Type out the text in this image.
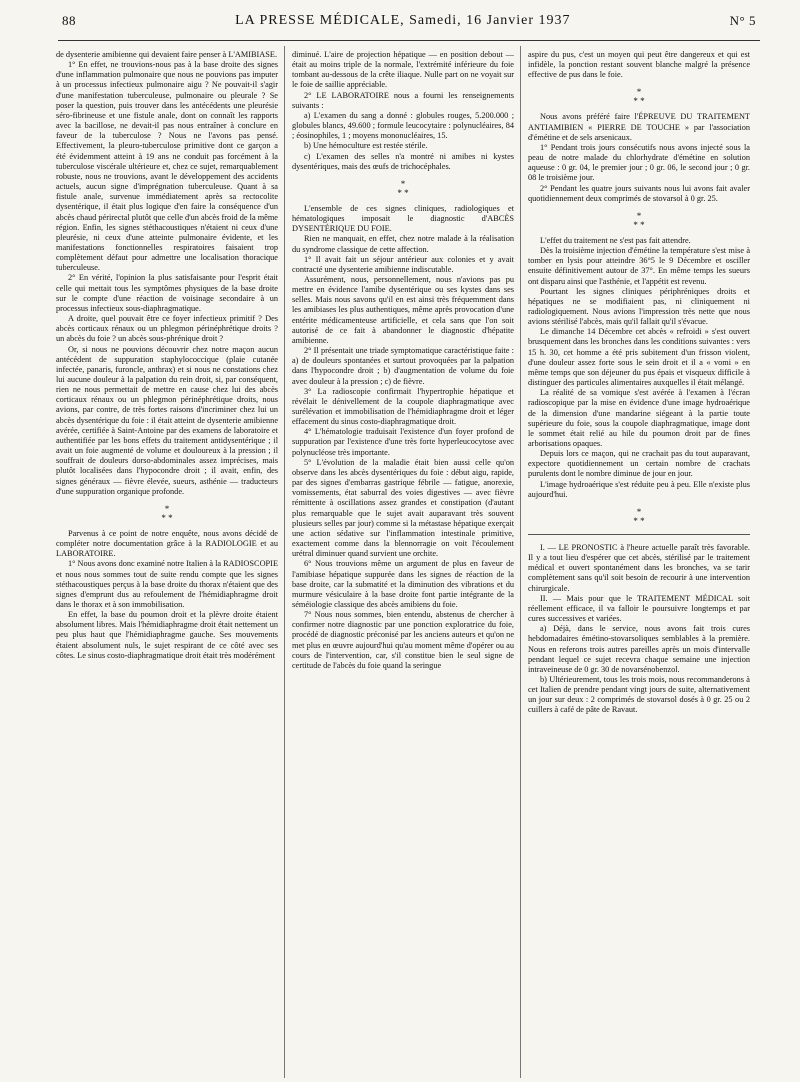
88	LA PRESSE MÉDICALE, Samedi, 16 Janvier 1937	N° 5

de dysenterie amibienne qui devaient faire penser à L'AMIBIASE.

1° En effet, ne trouvions-nous pas à la base droite des signes d'une inflammation pulmonaire que nous ne pouvions pas imputer à un processus infectieux pulmonaire aigu ? Ne pouvait-il s'agir d'une manifestation tuberculeuse, pulmonaire ou pleurale ? Se poser la question, puis trouver dans les antécédents une pleurésie séro-fibrineuse et une fistule anale, dont on connaît les rapports avec la bacillose, ne devait-il pas nous entraîner à conclure en faveur de la tuberculose ? Nous ne l'avons pas pensé. Effectivement, la pleuro-tuberculose primitive dont ce garçon a été évidemment atteint à 19 ans ne conduit pas forcément à la tuberculose viscérale ultérieure et, chez ce sujet, remarquablement robuste, nous ne trouvions, avant le développement des accidents actuels, aucun signe d'imprégnation tuberculeuse. Quant à sa fistule anale, survenue immédiatement après sa rectocolite dysentérique, il était plus logique d'en faire la conséquence d'un abcès chaud périrectal plutôt que celle d'un abcès froid de la même région. Enfin, les signes stéthacoustiques n'étaient ni ceux d'une pleurésie, ni ceux d'une atteinte pulmonaire évidente, et les manifestations fonctionnelles respiratoires faisaient trop complètement défaut pour admettre une localisation thoracique tuberculeuse.

2° En vérité, l'opinion la plus satisfaisante pour l'esprit était celle qui mettait tous les symptômes physiques de la base droite sur le compte d'une réaction de voisinage secondaire à un processus infectieux sous-diaphragmatique.

A droite, quel pouvait être ce foyer infectieux primitif ? Des abcès corticaux rénaux ou un phlegmon périnéphrétique droits ? un abcès du foie ? un abcès sous-phrénique droit ?

Or, si nous ne pouvions découvrir chez notre maçon aucun antécédent de suppuration staphylococcique (plaie cutanée infectée, panaris, furoncle, anthrax) et si nous ne constations chez lui aucune douleur à la palpation du rein droit, si, par conséquent, rien ne nous permettait de mettre en cause chez lui des abcès corticaux rénaux ou un phlegmon périnéphrétique droits, nous avions, par contre, de très fortes raisons d'incriminer chez lui un abcès dysentérique du foie : il était atteint de dysenterie amibienne avérée, certifiée à Saint-Antoine par des examens de laboratoire et authentifiée par les bons effets du traitement antidysentérique ; il avait un foie augmenté de volume et douloureux à la pression ; il souffrait de douleurs dorso-abdominales assez imprécises, mais plutôt localisées dans l'hypocondre droit ; il avait, enfin, des signes généraux — fièvre élevée, sueurs, asthénie — traducteurs d'une suppuration organique profonde.

*
* *

Parvenus à ce point de notre enquête, nous avons décidé de compléter notre documentation grâce à la RADIOLOGIE et au LABORATOIRE.

1° Nous avons donc examiné notre Italien à la RADIOSCOPIE et nous nous sommes tout de suite rendu compte que les signes stéthacoustiques perçus à la base droite du thorax n'étaient que des signes d'emprunt dus au refoulement de l'hémidiaphragme droit dans le thorax et à son immobilisation.

En effet, la base du poumon droit et la plèvre droite étaient absolument libres. Mais l'hémidiaphragme droit était nettement un peu plus haut que l'hémidiaphragme gauche. Ses mouvements étaient absolument nuls, le sujet respirant de ce côté avec ses côtes. Le sinus costo-diaphragmatique droit était très modérément

diminué. L'aire de projection hépatique — en position debout — était au moins triple de la normale, l'extrémité inférieure du foie tombant au-dessous de la crête iliaque. Nulle part on ne voyait sur le foie de saillie appréciable.

2° LE LABORATOIRE nous a fourni les renseignements suivants :

a) L'examen du sang a donné : globules rouges, 5.200.000 ; globules blancs, 49.600 ; formule leucocytaire : polynucléaires, 84 ; éosinophiles, 1 ; moyens mononucléaires, 15.

b) Une hémoculture est restée stérile.

c) L'examen des selles n'a montré ni amibes ni kystes dysentériques, mais des œufs de trichocéphales.

*
* *

L'ensemble de ces signes cliniques, radiologiques et hématologiques imposait le diagnostic d'ABCÈS DYSENTÉRIQUE DU FOIE.

Rien ne manquait, en effet, chez notre malade à la réalisation du syndrome classique de cette affection.

1° Il avait fait un séjour antérieur aux colonies et y avait contracté une dysenterie amibienne indiscutable.

Assurément, nous, personnellement, nous n'avions pas pu mettre en évidence l'amibe dysentérique ou ses kystes dans ses selles. Mais nous savons qu'il en est ainsi très fréquemment dans les amibiases les plus authentiques, même après provocation d'une entérite médicamenteuse artificielle, et cela sans que l'on soit autorisé de ce fait à abandonner le diagnostic d'hépatite amibienne.

2° Il présentait une triade symptomatique caractéristique faite : a) de douleurs spontanées et surtout provoquées par la palpation dans l'hypocondre droit ; b) d'augmentation de volume du foie avec douleur à la pression ; c) de fièvre.

3° La radioscopie confirmait l'hypertrophie hépatique et révélait le dénivellement de la coupole diaphragmatique avec surélévation et immobilisation de l'hémidiaphragme droit et léger effacement du sinus costo-diaphragmatique droit.

4° L'hématologie traduisait l'existence d'un foyer profond de suppuration par l'existence d'une très forte hyperleucocytose avec polynucléose très importante.

5° L'évolution de la maladie était bien aussi celle qu'on observe dans les abcès dysentériques du foie : début aigu, rapide, par des signes d'embarras gastrique fébrile — fatigue, anorexie, vomissements, état saburral des voies digestives — avec fièvre rémittente à oscillations assez grandes et constipation (d'autant plus remarquable que le sujet avait auparavant très souvent plusieurs selles par jour) comme si la métastase hépatique exerçait une action sédative sur l'inflammation intestinale primitive, exactement comme dans la blennorragie on voit l'écoulement urétral diminuer quand survient une orchite.

6° Nous trouvions même un argument de plus en faveur de l'amibiase hépatique suppurée dans les signes de réaction de la base droite, car la submatité et la diminution des vibrations et du murmure vésiculaire à la base droite font partie intégrante de la séméiologie classique des abcès amibiens du foie.

7° Nous nous sommes, bien entendu, abstenus de chercher à confirmer notre diagnostic par une ponction exploratrice du foie, procédé de diagnostic préconisé par les anciens auteurs et qu'on ne met plus en œuvre aujourd'hui qu'au moment même d'opérer ou au cours de l'intervention, car, s'il constitue bien le seul signe de certitude de l'abcès du foie quand la seringue

aspire du pus, c'est un moyen qui peut être dangereux et qui est infidèle, la ponction restant souvent blanche malgré la présence effective de pus dans le foie.

*
* *

Nous avons préféré faire l'ÉPREUVE DU TRAITEMENT ANTIAMIBIEN « PIERRE DE TOUCHE » par l'association d'émétine et de sels arsenicaux.

1° Pendant trois jours consécutifs nous avons injecté sous la peau de notre malade du chlorhydrate d'émétine en solution aqueuse : 0 gr. 04, le premier jour ; 0 gr. 06, le second jour ; 0 gr. 08 le troisième jour.

2° Pendant les quatre jours suivants nous lui avons fait avaler quotidiennement deux comprimés de stovarsol à 0 gr. 25.

*
* *

L'effet du traitement ne s'est pas fait attendre.

Dès la troisième injection d'émétine la température s'est mise à tomber en lysis pour atteindre 36°5 le 9 Décembre et osciller ensuite définitivement autour de 37°. En même temps les sueurs ont disparu ainsi que l'asthénie, et l'appétit est revenu.

Pourtant les signes cliniques périphréniques droits et hépatiques ne se modifiaient pas, ni cliniquement ni radiologiquement. Nous avions l'impression très nette que nous avions stérilisé l'abcès, mais qu'il fallait qu'il s'évacue.

Le dimanche 14 Décembre cet abcès « refroidi » s'est ouvert brusquement dans les bronches dans les conditions suivantes : vers 15 h. 30, cet homme a été pris subitement d'un frisson violent, d'une douleur assez forte sous le sein droit et il a « vomi » en même temps que son déjeuner du pus épais et visqueux difficile à distinguer des particules alimentaires auxquelles il était mélangé.

La réalité de sa vomique s'est avérée à l'examen à l'écran radioscopique par la mise en évidence d'une image hydroaérique de la dimension d'une mandarine siégeant à la partie toute supérieure du foie, sous la coupole diaphragmatique, image dont le sommet était relié au hile du poumon droit par de fines arborisations opaques.

Depuis lors ce maçon, qui ne crachait pas du tout auparavant, expectore quotidiennement un certain nombre de crachats purulents dont le nombre diminue de jour en jour.

L'image hydroaérique s'est réduite peu à peu. Elle n'existe plus aujourd'hui.

*
* *

I. — LE PRONOSTIC à l'heure actuelle paraît très favorable. Il y a tout lieu d'espérer que cet abcès, stérilisé par le traitement médical et ouvert spontanément dans les bronches, va se tarir complètement sans qu'il soit besoin de recourir à une intervention chirurgicale.

II. — Mais pour que le TRAITEMENT MÉDICAL soit réellement efficace, il va falloir le poursuivre longtemps et par cures successives et variées.

a) Déjà, dans le service, nous avons fait trois cures hebdomadaires émétino-stovarsoliques semblables à la première. Nous en referons trois autres pareilles après un mois d'intervalle pendant lequel ce sujet recevra chaque semaine une injection intraveineuse de 0 gr. 30 de novarsénobenzol.

b) Ultérieurement, tous les trois mois, nous recommanderons à cet Italien de prendre pendant vingt jours de suite, alternativement un jour sur deux : 2 comprimés de stovarsol dosés à 0 gr. 25 ou 2 cuillers à café de pâte de Ravaut.
